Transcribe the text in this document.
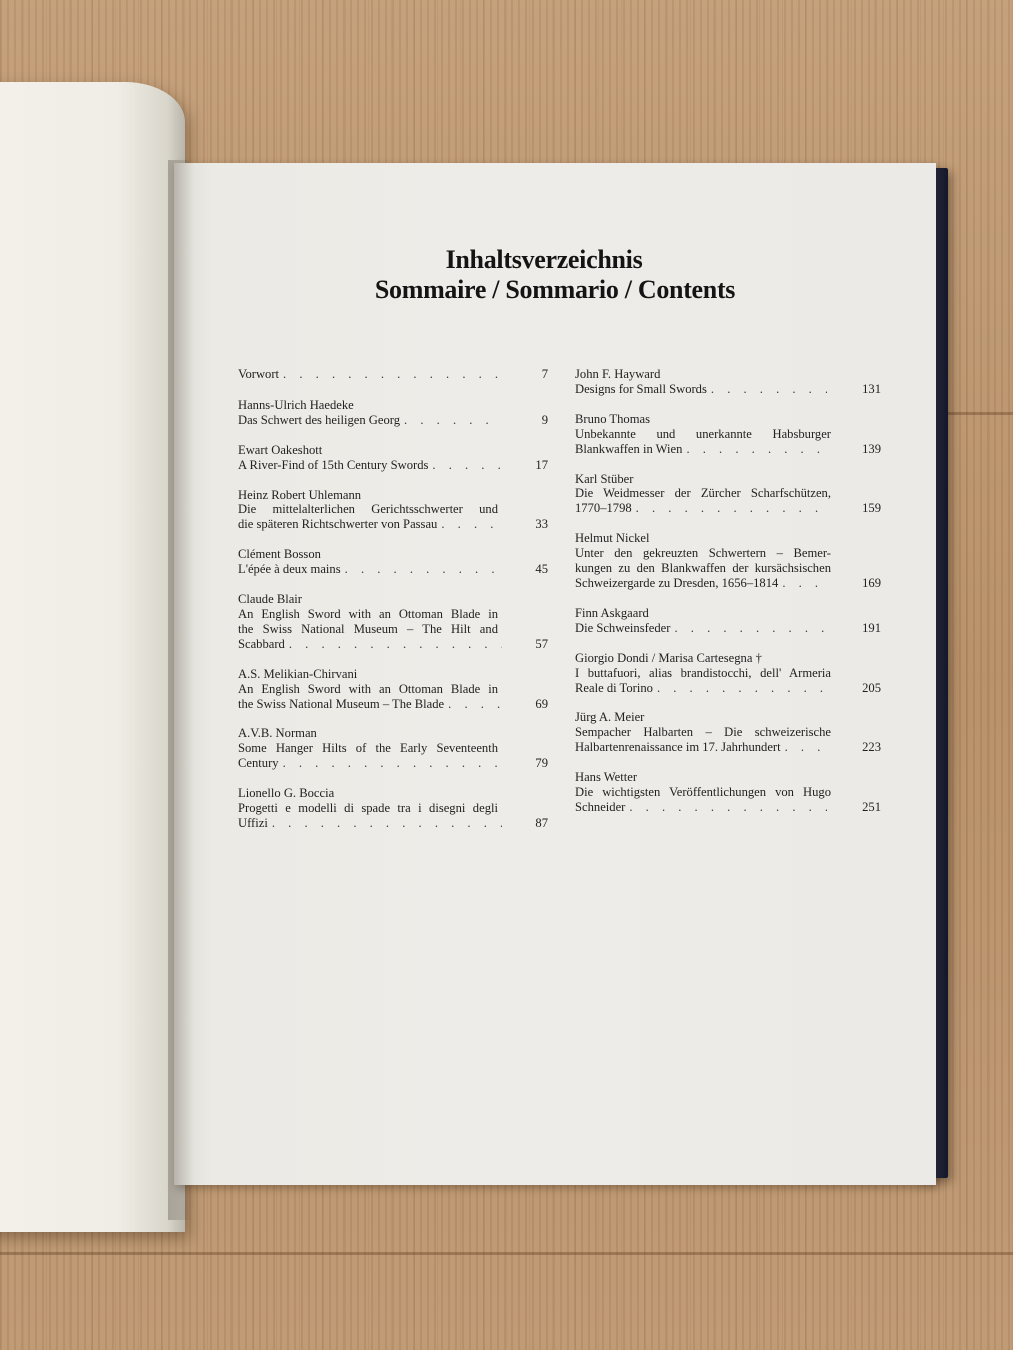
Inhaltsverzeichnis
Sommaire / Sommario / Contents
Vorwort . . .	7
Hanns-Ulrich Haedeke
Das Schwert des heiligen Georg . . .	9
Ewart Oakeshott
A River-Find of 15th Century Swords . . .	17
Heinz Robert Uhlemann
Die mittelalterlichen Gerichtsschwerter und
die späteren Richtschwerter von Passau . . .	33
Clément Bosson
L'épée à deux mains . . .	45
Claude Blair
An English Sword with an Ottoman Blade in
the Swiss National Museum – The Hilt and
Scabbard . . .	57
A.S. Melikian-Chirvani
An English Sword with an Ottoman Blade in
the Swiss National Museum – The Blade . . .	69
A.V.B. Norman
Some Hanger Hilts of the Early Seventeenth
Century . . .	79
Lionello G. Boccia
Progetti e modelli di spade tra i disegni degli
Uffizi . . .	87
John F. Hayward
Designs for Small Swords . . .	131
Bruno Thomas
Unbekannte und unerkannte Habsburger
Blankwaffen in Wien . . .	139
Karl Stüber
Die Weidmesser der Zürcher Scharfschützen,
1770–1798 . . .	159
Helmut Nickel
Unter den gekreuzten Schwertern – Bemer-
kungen zu den Blankwaffen der kursächsischen
Schweizergarde zu Dresden, 1656–1814 . . .	169
Finn Askgaard
Die Schweinsfeder . . .	191
Giorgio Dondi / Marisa Cartesegna †
I buttafuori, alias brandistocchi, dell' Armeria
Reale di Torino . . .	205
Jürg A. Meier
Sempacher Halbarten – Die schweizerische
Halbartenrenaissance im 17. Jahrhundert . . .	223
Hans Wetter
Die wichtigsten Veröffentlichungen von Hugo
Schneider . . .	251
